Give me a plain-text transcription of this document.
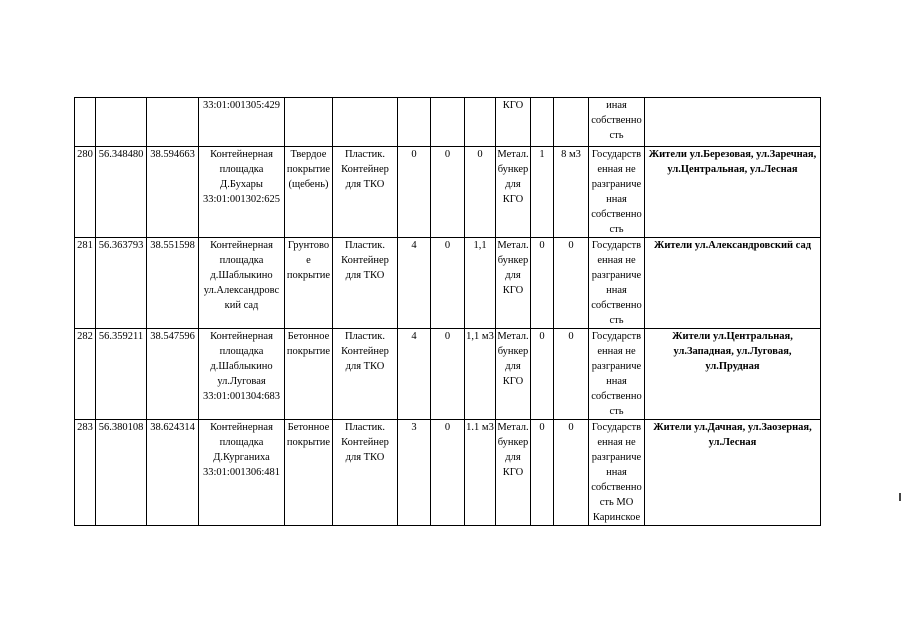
			33:01:001305:429						КГО			иная собственно сть	
280	56.348480	38.594663	Контейнерная площадка Д.Бухары 33:01:001302:625	Твердое покрытие (щебень)	Пластик. Контейнер для ТКО	0	0	0	Метал. бункер для КГО	1	8 м3	Государств енная не разграниче нная собственно сть	Жители ул.Березовая, ул.Заречная, ул.Центральная, ул.Лесная
281	56.363793	38.551598	Контейнерная площадка д.Шаблыкино ул.Александровс кий сад	Грунтово е покрытие	Пластик. Контейнер для ТКО	4	0	1,1	Метал. бункер для КГО	0	0	Государств енная не разграниче нная собственно сть	Жители ул.Александровский сад
282	56.359211	38.547596	Контейнерная площадка д.Шаблыкино ул.Луговая 33:01:001304:683	Бетонное покрытие	Пластик. Контейнер для ТКО	4	0	1,1 м3	Метал. бункер для КГО	0	0	Государств енная не разграниче нная собственно сть	Жители ул.Центральная, ул.Западная, ул.Луговая, ул.Прудная
283	56.380108	38.624314	Контейнерная площадка Д.Курганиха 33:01:001306:481	Бетонное покрытие	Пластик. Контейнер для ТКО	3	0	1.1 м3	Метал. бункер для КГО	0	0	Государств енная не разграниче нная собственно сть МО Каринское	Жители ул.Дачная, ул.Заозерная, ул.Лесная
